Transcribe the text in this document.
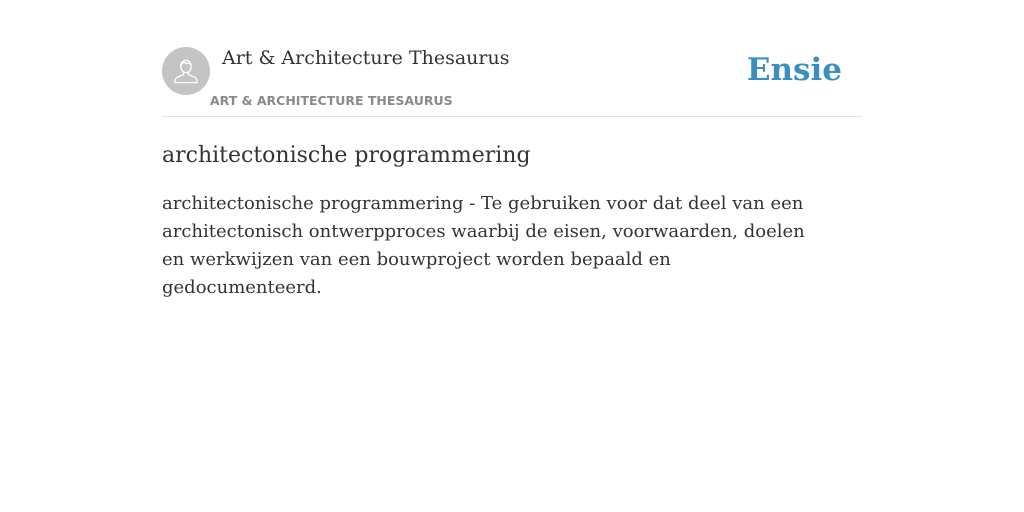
Art & Architecture Thesaurus
ART & ARCHITECTURE THESAURUS
Ensie
architectonische programmering

architectonische programmering - Te gebruiken voor dat deel van een architectonisch ontwerpproces waarbij de eisen, voorwaarden, doelen en werkwijzen van een bouwproject worden bepaald en gedocumenteerd.
